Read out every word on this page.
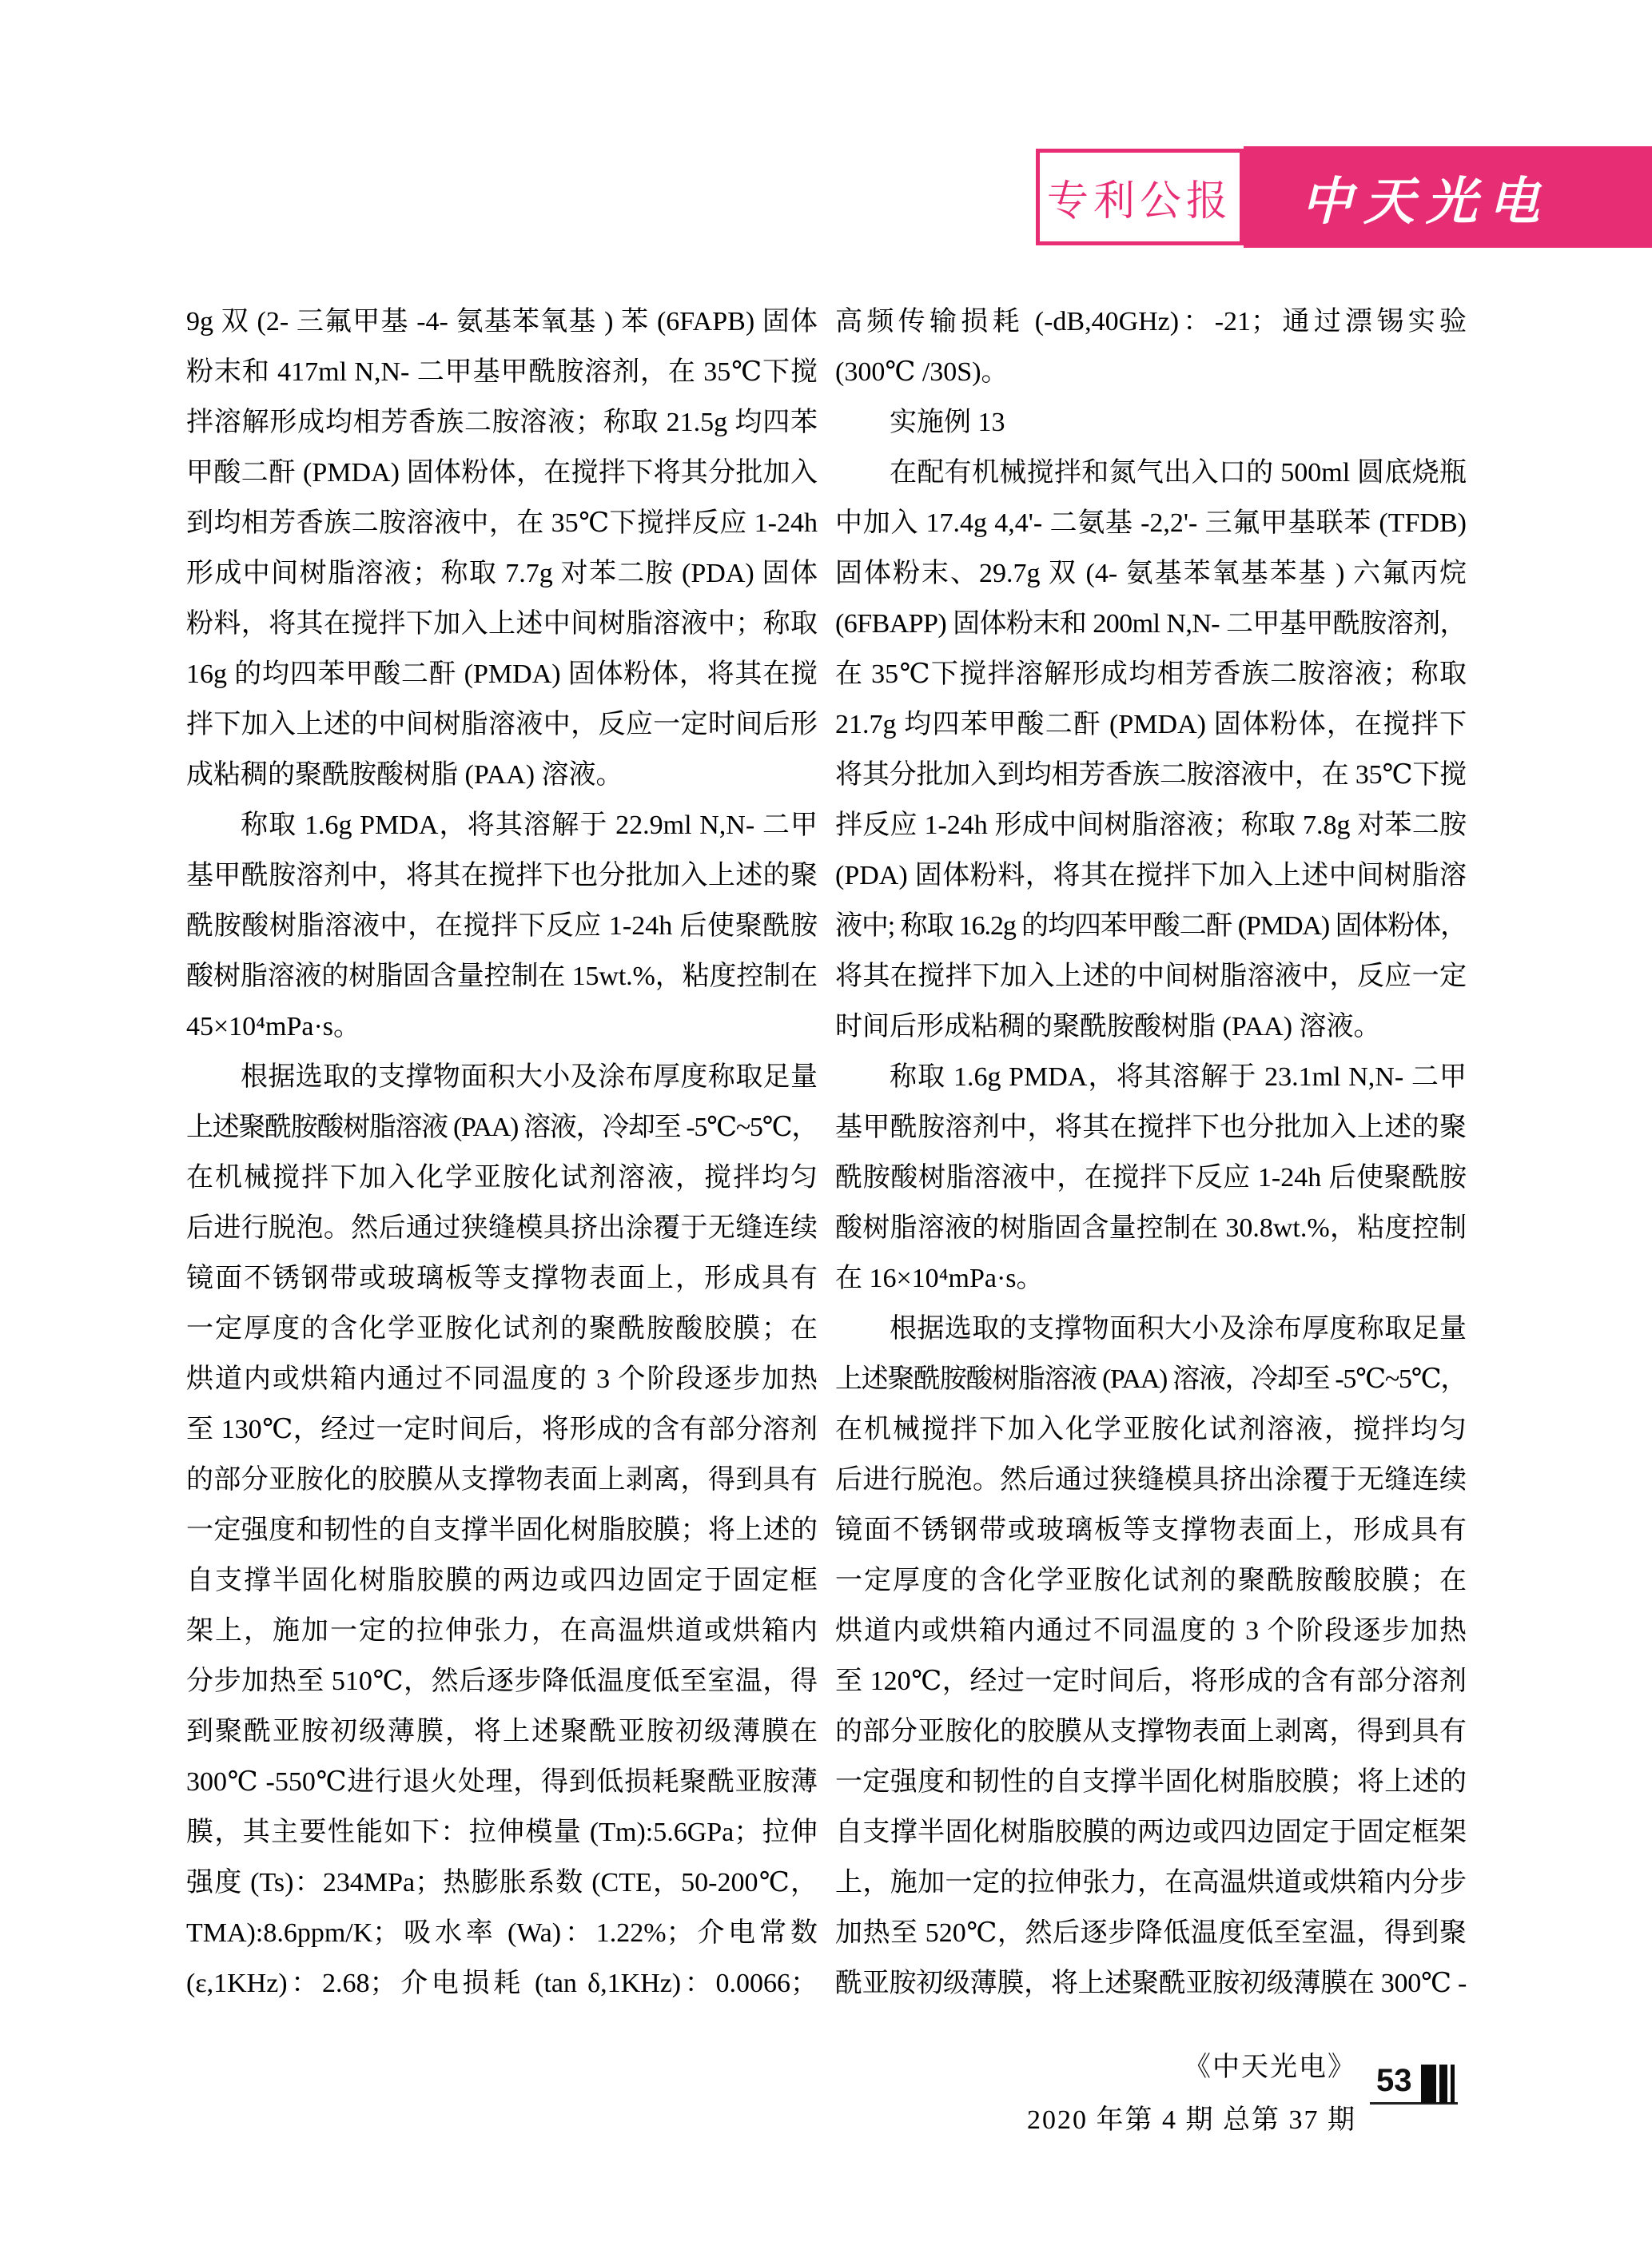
专利公报 中天光电
9g 双 (2- 三氟甲基 -4- 氨基苯氧基 ) 苯 (6FAPB) 固体
粉末和 417ml N,N- 二甲基甲酰胺溶剂，在 35℃下搅
拌溶解形成均相芳香族二胺溶液；称取 21.5g 均四苯
甲酸二酐 (PMDA) 固体粉体，在搅拌下将其分批加入
到均相芳香族二胺溶液中，在 35℃下搅拌反应 1-24h
形成中间树脂溶液；称取 7.7g 对苯二胺 (PDA) 固体
粉料，将其在搅拌下加入上述中间树脂溶液中；称取
16g 的均四苯甲酸二酐 (PMDA) 固体粉体，将其在搅
拌下加入上述的中间树脂溶液中，反应一定时间后形
成粘稠的聚酰胺酸树脂 (PAA) 溶液。
称取 1.6g PMDA，将其溶解于 22.9ml N,N- 二甲
基甲酰胺溶剂中，将其在搅拌下也分批加入上述的聚
酰胺酸树脂溶液中，在搅拌下反应 1-24h 后使聚酰胺
酸树脂溶液的树脂固含量控制在 15wt.%，粘度控制在
45×10⁴mPa·s。
根据选取的支撑物面积大小及涂布厚度称取足量
上述聚酰胺酸树脂溶液 (PAA) 溶液，冷却至 -5℃~5℃，
在机械搅拌下加入化学亚胺化试剂溶液，搅拌均匀
后进行脱泡。然后通过狭缝模具挤出涂覆于无缝连续
镜面不锈钢带或玻璃板等支撑物表面上，形成具有
一定厚度的含化学亚胺化试剂的聚酰胺酸胶膜；在
烘道内或烘箱内通过不同温度的 3 个阶段逐步加热
至 130℃，经过一定时间后，将形成的含有部分溶剂
的部分亚胺化的胶膜从支撑物表面上剥离，得到具有
一定强度和韧性的自支撑半固化树脂胶膜；将上述的
自支撑半固化树脂胶膜的两边或四边固定于固定框
架上，施加一定的拉伸张力，在高温烘道或烘箱内
分步加热至 510℃，然后逐步降低温度低至室温，得
到聚酰亚胺初级薄膜，将上述聚酰亚胺初级薄膜在
300℃ -550℃进行退火处理，得到低损耗聚酰亚胺薄
膜，其主要性能如下：拉伸模量 (Tm):5.6GPa；拉伸
强度 (Ts)：234MPa；热膨胀系数 (CTE，50-200℃，
TMA):8.6ppm/K；吸水率 (Wa)：1.22%；介电常数
(ε,1KHz)：2.68；介电损耗 (tan δ,1KHz)：0.0066；
高频传输损耗 (-dB,40GHz)：-21；通过漂锡实验
(300℃ /30S)。
实施例 13
在配有机械搅拌和氮气出入口的 500ml 圆底烧瓶
中加入 17.4g 4,4'- 二氨基 -2,2'- 三氟甲基联苯 (TFDB)
固体粉末、29.7g 双 (4- 氨基苯氧基苯基 ) 六氟丙烷
(6FBAPP) 固体粉末和 200ml N,N- 二甲基甲酰胺溶剂，
在 35℃下搅拌溶解形成均相芳香族二胺溶液；称取
21.7g 均四苯甲酸二酐 (PMDA) 固体粉体，在搅拌下
将其分批加入到均相芳香族二胺溶液中，在 35℃下搅
拌反应 1-24h 形成中间树脂溶液；称取 7.8g 对苯二胺
(PDA) 固体粉料，将其在搅拌下加入上述中间树脂溶
液中; 称取 16.2g 的均四苯甲酸二酐 (PMDA) 固体粉体，
将其在搅拌下加入上述的中间树脂溶液中，反应一定
时间后形成粘稠的聚酰胺酸树脂 (PAA) 溶液。
称取 1.6g PMDA，将其溶解于 23.1ml N,N- 二甲
基甲酰胺溶剂中，将其在搅拌下也分批加入上述的聚
酰胺酸树脂溶液中，在搅拌下反应 1-24h 后使聚酰胺
酸树脂溶液的树脂固含量控制在 30.8wt.%，粘度控制
在 16×10⁴mPa·s。
根据选取的支撑物面积大小及涂布厚度称取足量
上述聚酰胺酸树脂溶液 (PAA) 溶液，冷却至 -5℃~5℃，
在机械搅拌下加入化学亚胺化试剂溶液，搅拌均匀
后进行脱泡。然后通过狭缝模具挤出涂覆于无缝连续
镜面不锈钢带或玻璃板等支撑物表面上，形成具有
一定厚度的含化学亚胺化试剂的聚酰胺酸胶膜；在
烘道内或烘箱内通过不同温度的 3 个阶段逐步加热
至 120℃，经过一定时间后，将形成的含有部分溶剂
的部分亚胺化的胶膜从支撑物表面上剥离，得到具有
一定强度和韧性的自支撑半固化树脂胶膜；将上述的
自支撑半固化树脂胶膜的两边或四边固定于固定框架
上，施加一定的拉伸张力，在高温烘道或烘箱内分步
加热至 520℃，然后逐步降低温度低至室温，得到聚
酰亚胺初级薄膜，将上述聚酰亚胺初级薄膜在 300℃ -
《中天光电》
2020 年第 4 期 总第 37 期
53
